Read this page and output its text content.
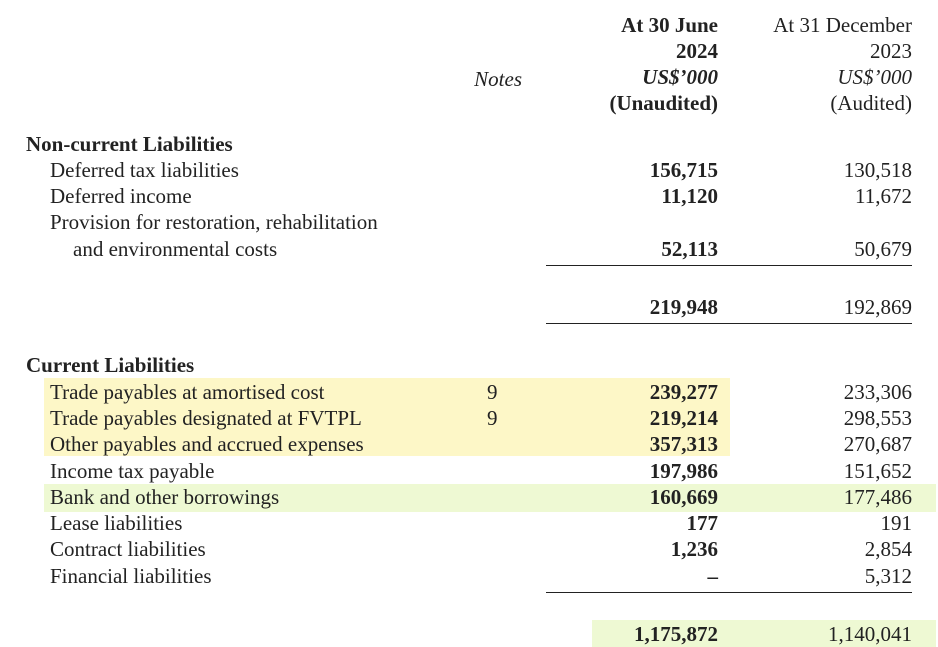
Notes
At 30 June
2024
US$’000
(Unaudited)
At 31 December
2023
US$’000
(Audited)
Non-current Liabilities
Deferred tax liabilities	156,715	130,518
Deferred income	11,120	11,672
Provision for restoration, rehabilitation
and environmental costs	52,113	50,679
219,948	192,869
Current Liabilities
Trade payables at amortised cost	9	239,277	233,306
Trade payables designated at FVTPL	9	219,214	298,553
Other payables and accrued expenses	357,313	270,687
Income tax payable	197,986	151,652
Bank and other borrowings	160,669	177,486
Lease liabilities	177	191
Contract liabilities	1,236	2,854
Financial liabilities	–	5,312
1,175,872	1,140,041
